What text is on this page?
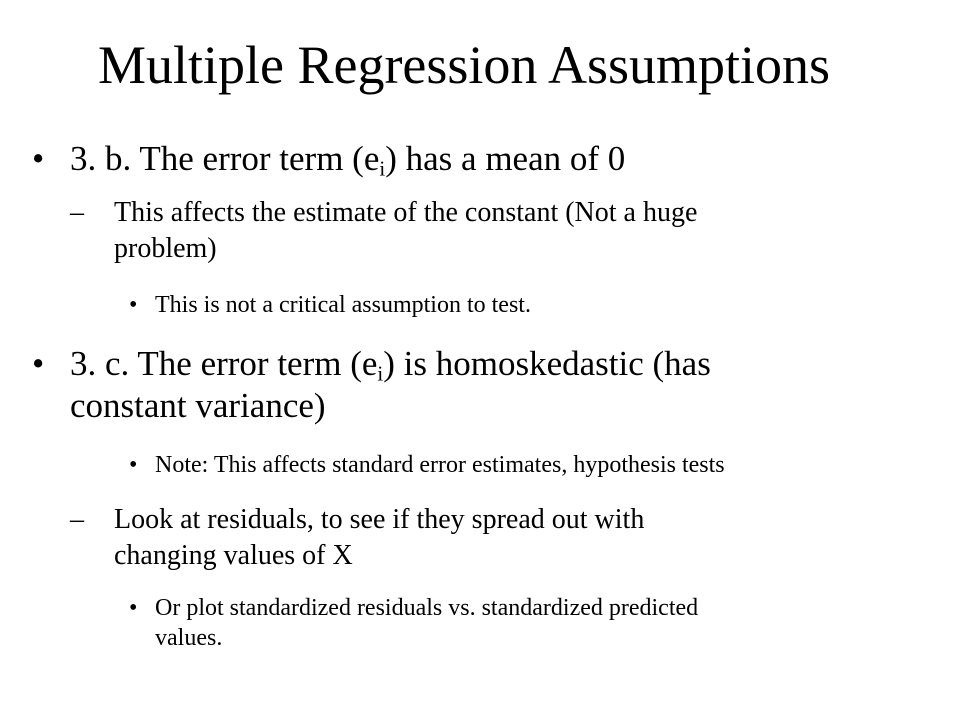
Multiple Regression Assumptions
• 3. b. The error term $(e_i)$ has a mean of 0
– This affects the estimate of the constant (Not a huge
problem)
• This is not a critical assumption to test.
• 3. c. The error term $(e_i)$ is homoskedastic (has
constant variance)
• Note: This affects standard error estimates, hypothesis tests
– Look at residuals, to see if they spread out with
changing values of X
• Or plot standardized residuals vs. standardized predicted
values.
